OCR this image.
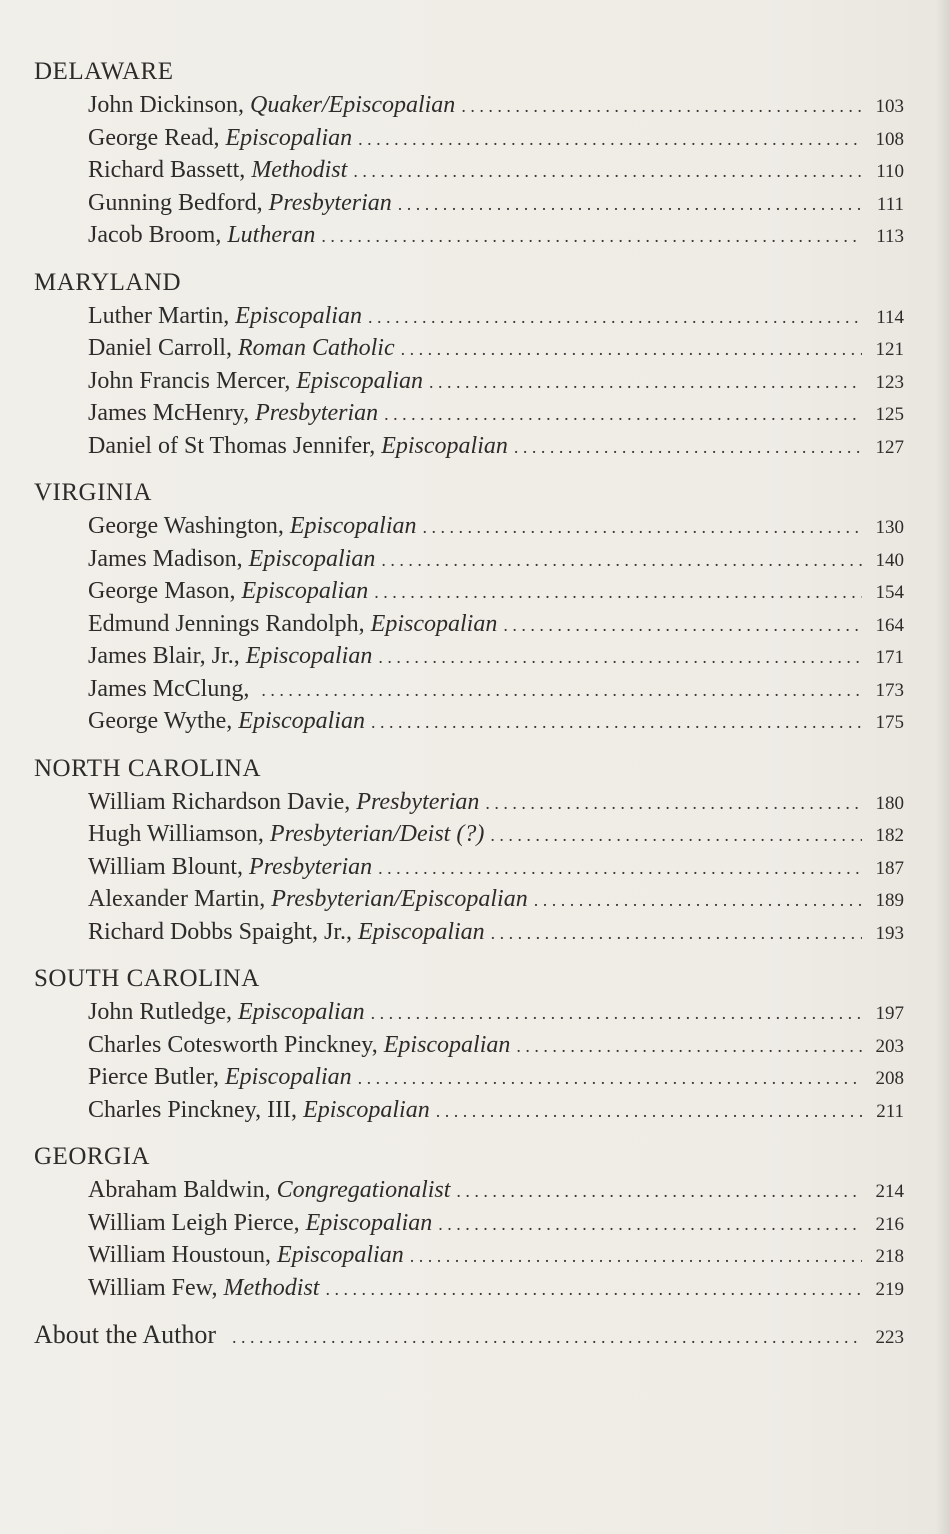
DELAWARE
John Dickinson, Quaker/Episcopalian . . .	103
George Read, Episcopalian . . .	108
Richard Bassett, Methodist . . .	110
Gunning Bedford, Presbyterian . . .	111
Jacob Broom, Lutheran . . .	113
MARYLAND
Luther Martin, Episcopalian . . .	114
Daniel Carroll, Roman Catholic . . .	121
John Francis Mercer, Episcopalian . . .	123
James McHenry, Presbyterian . . .	125
Daniel of St Thomas Jennifer, Episcopalian . . .	127
VIRGINIA
George Washington, Episcopalian . . .	130
James Madison, Episcopalian . . .	140
George Mason, Episcopalian . . .	154
Edmund Jennings Randolph, Episcopalian . . .	164
James Blair, Jr., Episcopalian . . .	171
James McClung, . . .	173
George Wythe, Episcopalian . . .	175
NORTH CAROLINA
William Richardson Davie, Presbyterian . . .	180
Hugh Williamson, Presbyterian/Deist (?) . . .	182
William Blount, Presbyterian . . .	187
Alexander Martin, Presbyterian/Episcopalian . . .	189
Richard Dobbs Spaight, Jr., Episcopalian . . .	193
SOUTH CAROLINA
John Rutledge, Episcopalian . . .	197
Charles Cotesworth Pinckney, Episcopalian . . .	203
Pierce Butler, Episcopalian . . .	208
Charles Pinckney, III, Episcopalian . . .	211
GEORGIA
Abraham Baldwin, Congregationalist . . .	214
William Leigh Pierce, Episcopalian . . .	216
William Houstoun, Episcopalian . . .	218
William Few, Methodist . . .	219
About the Author . . .	223
